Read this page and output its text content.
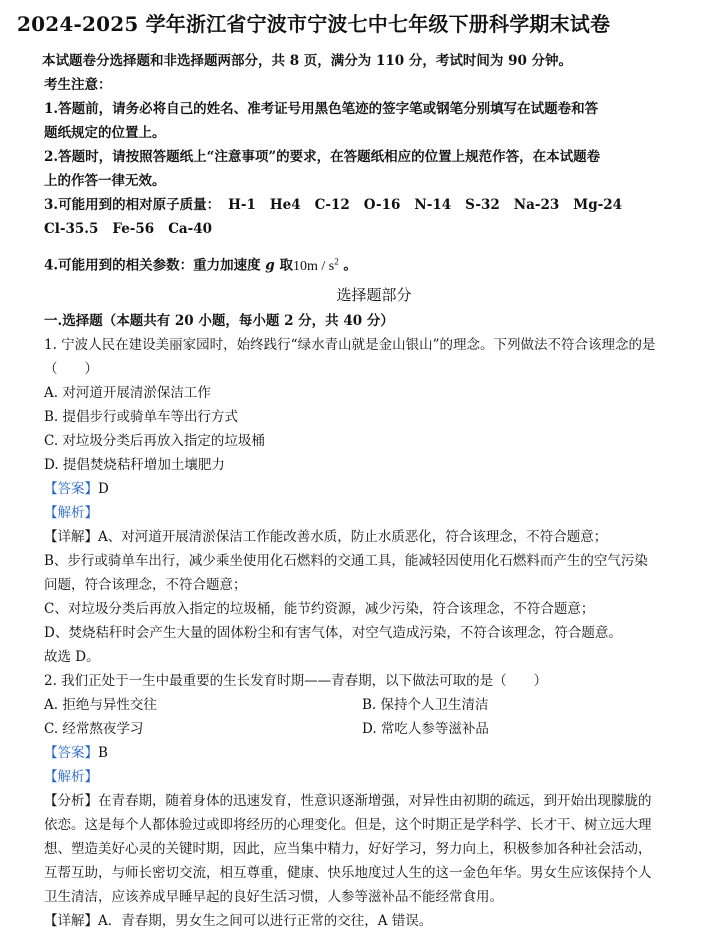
2024-2025 学年浙江省宁波市宁波七中七年级下册科学期末试卷

本试题卷分选择题和非选择题两部分，共 8 页，满分为 110 分，考试时间为 90 分钟。

考生注意：

1.答题前，请务必将自己的姓名、准考证号用黑色笔迹的签字笔或钢笔分别填写在试题卷和答

题纸规定的位置上。

2.答题时，请按照答题纸上“注意事项”的要求，在答题纸相应的位置上规范作答，在本试题卷

上的作答一律无效。

3.可能用到的相对原子质量： H-1 He4 C-12 O-16 N-14 S-32 Na-23 Mg-24
Cl-35.5 Fe-56 Ca-40

4.可能用到的相关参数：重力加速度 g 取$10m / s^2$ 。

选择题部分

一.选择题（本题共有 20 小题，每小题 2 分，共 40 分）

1. 宁波人民在建设美丽家园时，始终践行“绿水青山就是金山银山”的理念。下列做法不符合该理念的是

（　　）

A. 对河道开展清淤保洁工作

B. 提倡步行或骑单车等出行方式

C. 对垃圾分类后再放入指定的垃圾桶

D. 提倡焚烧秸秆增加土壤肥力

【答案】D

【解析】

【详解】A、对河道开展清淤保洁工作能改善水质，防止水质恶化，符合该理念，不符合题意；

B、步行或骑单车出行，减少乘坐使用化石燃料的交通工具，能减轻因使用化石燃料而产生的空气污染

问题，符合该理念，不符合题意；

C、对垃圾分类后再放入指定的垃圾桶，能节约资源，减少污染，符合该理念，不符合题意；

D、焚烧秸秆时会产生大量的固体粉尘和有害气体，对空气造成污染，不符合该理念，符合题意。

故选 D。

2. 我们正处于一生中最重要的生长发育时期——青春期，以下做法可取的是（　　）

A. 拒绝与异性交往	B. 保持个人卫生清洁
C. 经常熬夜学习	D. 常吃人参等滋补品

【答案】B

【解析】

【分析】在青春期，随着身体的迅速发育，性意识逐渐增强，对异性由初期的疏远，到开始出现朦胧的

依恋。这是每个人都体验过或即将经历的心理变化。但是，这个时期正是学科学、长才干、树立远大理

想、塑造美好心灵的关键时期，因此，应当集中精力，好好学习，努力向上，积极参加各种社会活动，

互帮互助，与师长密切交流，相互尊重，健康、快乐地度过人生的这一金色年华。男女生应该保持个人

卫生清洁，应该养成早睡早起的良好生活习惯，人参等滋补品不能经常食用。

【详解】A．青春期，男女生之间可以进行正常的交往，A 错误。
